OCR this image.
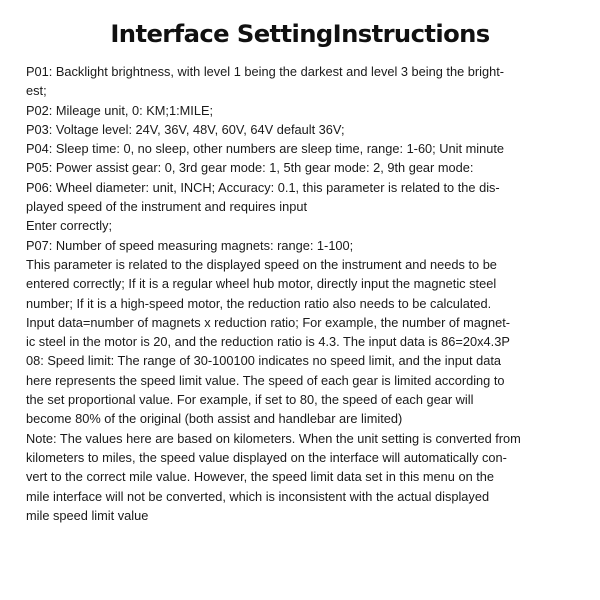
Interface SettingInstructions
P01: Backlight brightness, with level 1 being the darkest and level 3 being the bright-
est;
P02: Mileage unit, 0: KM;1:MILE;
P03: Voltage level: 24V, 36V, 48V, 60V, 64V default 36V;
P04: Sleep time: 0, no sleep, other numbers are sleep time, range: 1-60; Unit minute
P05: Power assist gear: 0, 3rd gear mode: 1, 5th gear mode: 2, 9th gear mode:
P06: Wheel diameter: unit, INCH; Accuracy: 0.1, this parameter is related to the dis-
played speed of the instrument and requires input
Enter correctly;
P07: Number of speed measuring magnets: range: 1-100;
This parameter is related to the displayed speed on the instrument and needs to be
entered correctly; If it is a regular wheel hub motor, directly input the magnetic steel
number; If it is a high-speed motor, the reduction ratio also needs to be calculated.
Input data=number of magnets x reduction ratio; For example, the number of magnet-
ic steel in the motor is 20, and the reduction ratio is 4.3. The input data is 86=20x4.3P
08: Speed limit: The range of 30-100100 indicates no speed limit, and the input data
here represents the speed limit value. The speed of each gear is limited according to
the set proportional value. For example, if set to 80, the speed of each gear will
become 80% of the original (both assist and handlebar are limited)
Note: The values here are based on kilometers. When the unit setting is converted from
kilometers to miles, the speed value displayed on the interface will automatically con-
vert to the correct mile value. However, the speed limit data set in this menu on the
mile interface will not be converted, which is inconsistent with the actual displayed
mile speed limit value
